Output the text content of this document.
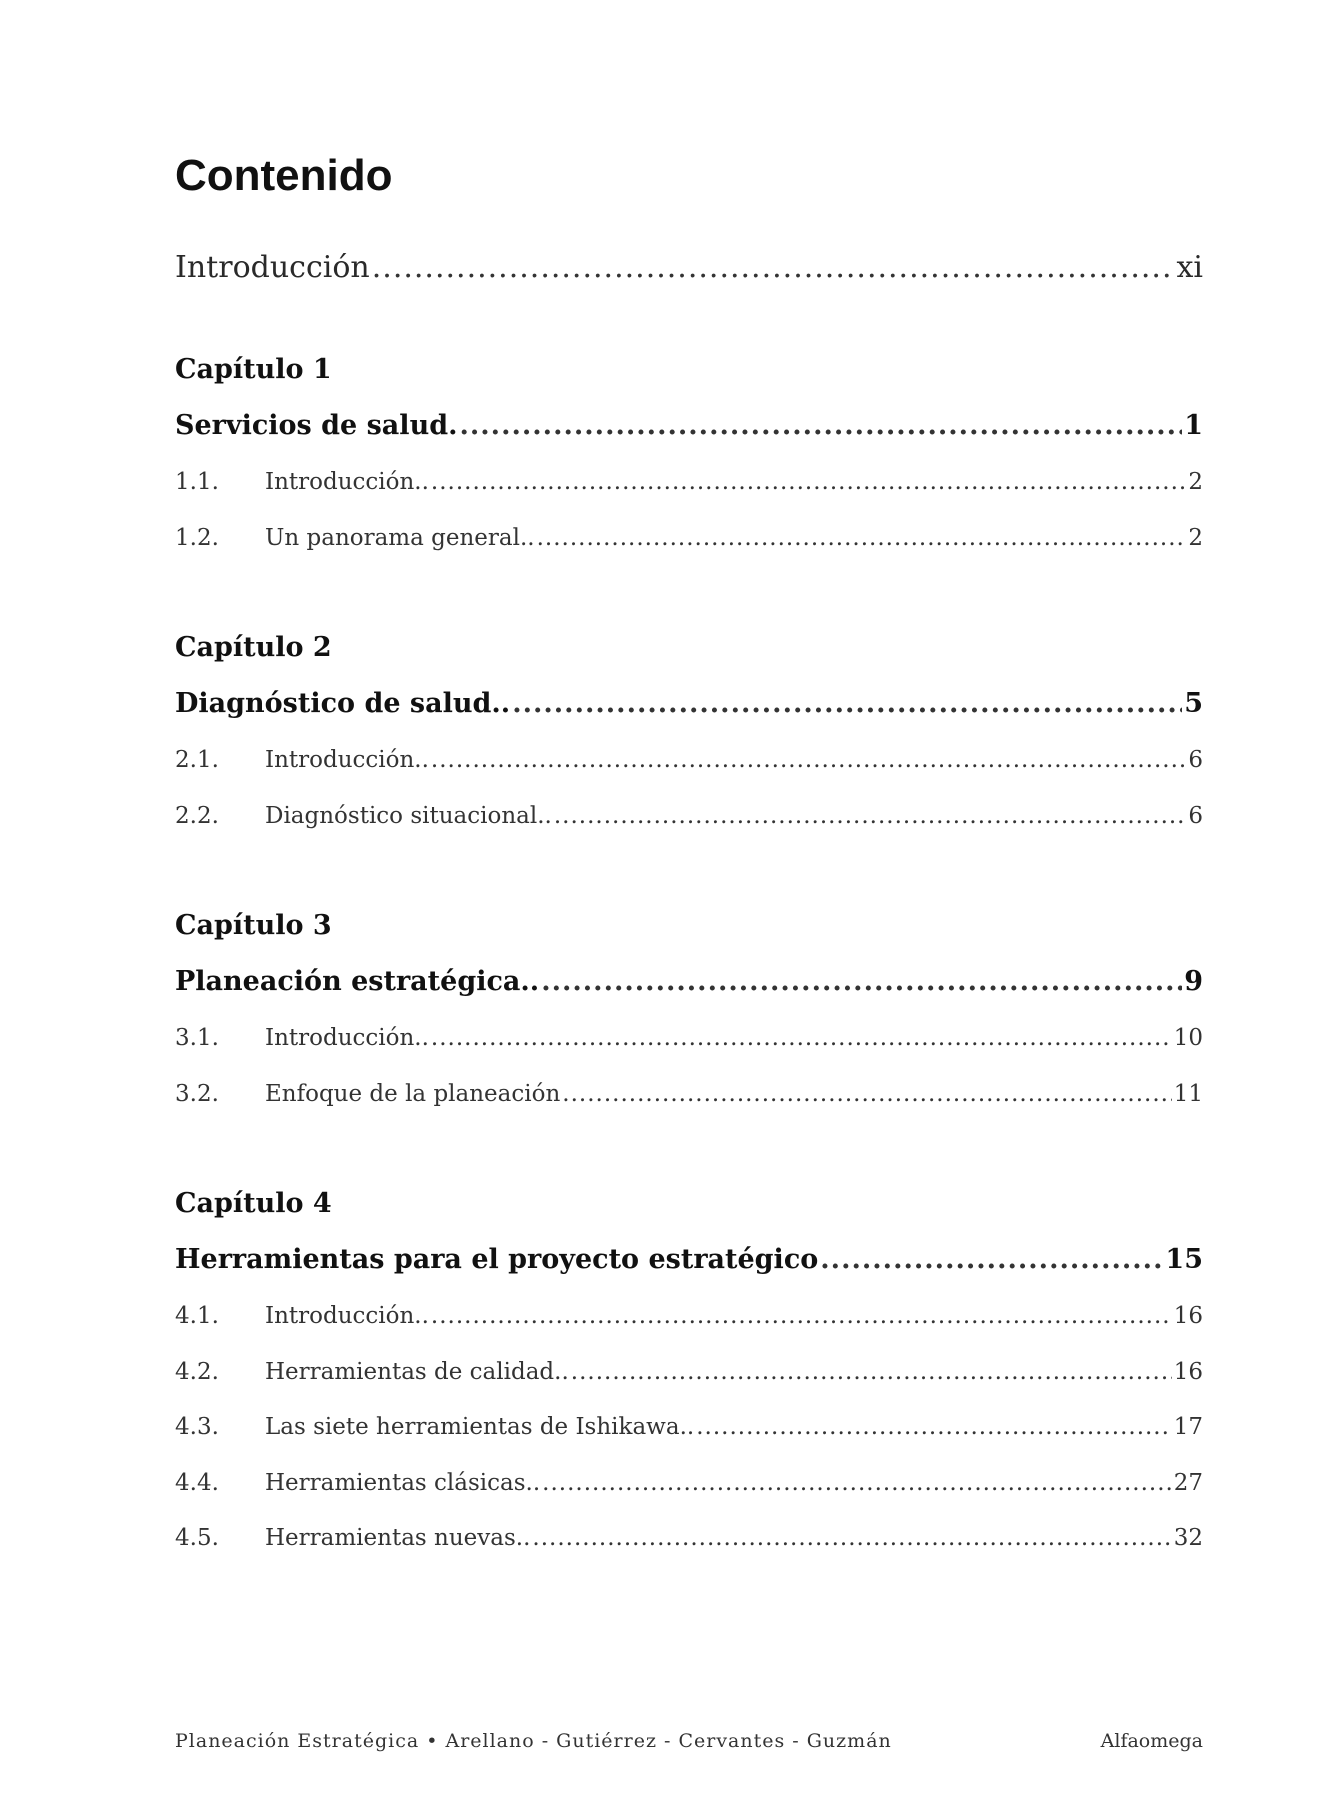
Contenido
Introducción .....	xi
Capítulo 1
Servicios de salud. .....	1
1.1.	Introducción.. .....	2
1.2.	Un panorama general.. .....	2
Capítulo 2
Diagnóstico de salud.. .....	5
2.1.	Introducción.. .....	6
2.2.	Diagnóstico situacional.. .....	6
Capítulo 3
Planeación estratégica.. .....	9
3.1.	Introducción.. .....	10
3.2.	Enfoque de la planeación .....	11
Capítulo 4
Herramientas para el proyecto estratégico .....	15
4.1.	Introducción.. .....	16
4.2.	Herramientas de calidad.. .....	16
4.3.	Las siete herramientas de Ishikawa.. .....	17
4.4.	Herramientas clásicas.. .....	27
4.5.	Herramientas nuevas.. .....	32
Planeación Estratégica • Arellano - Gutiérrez - Cervantes - Guzmán	Alfaomega
